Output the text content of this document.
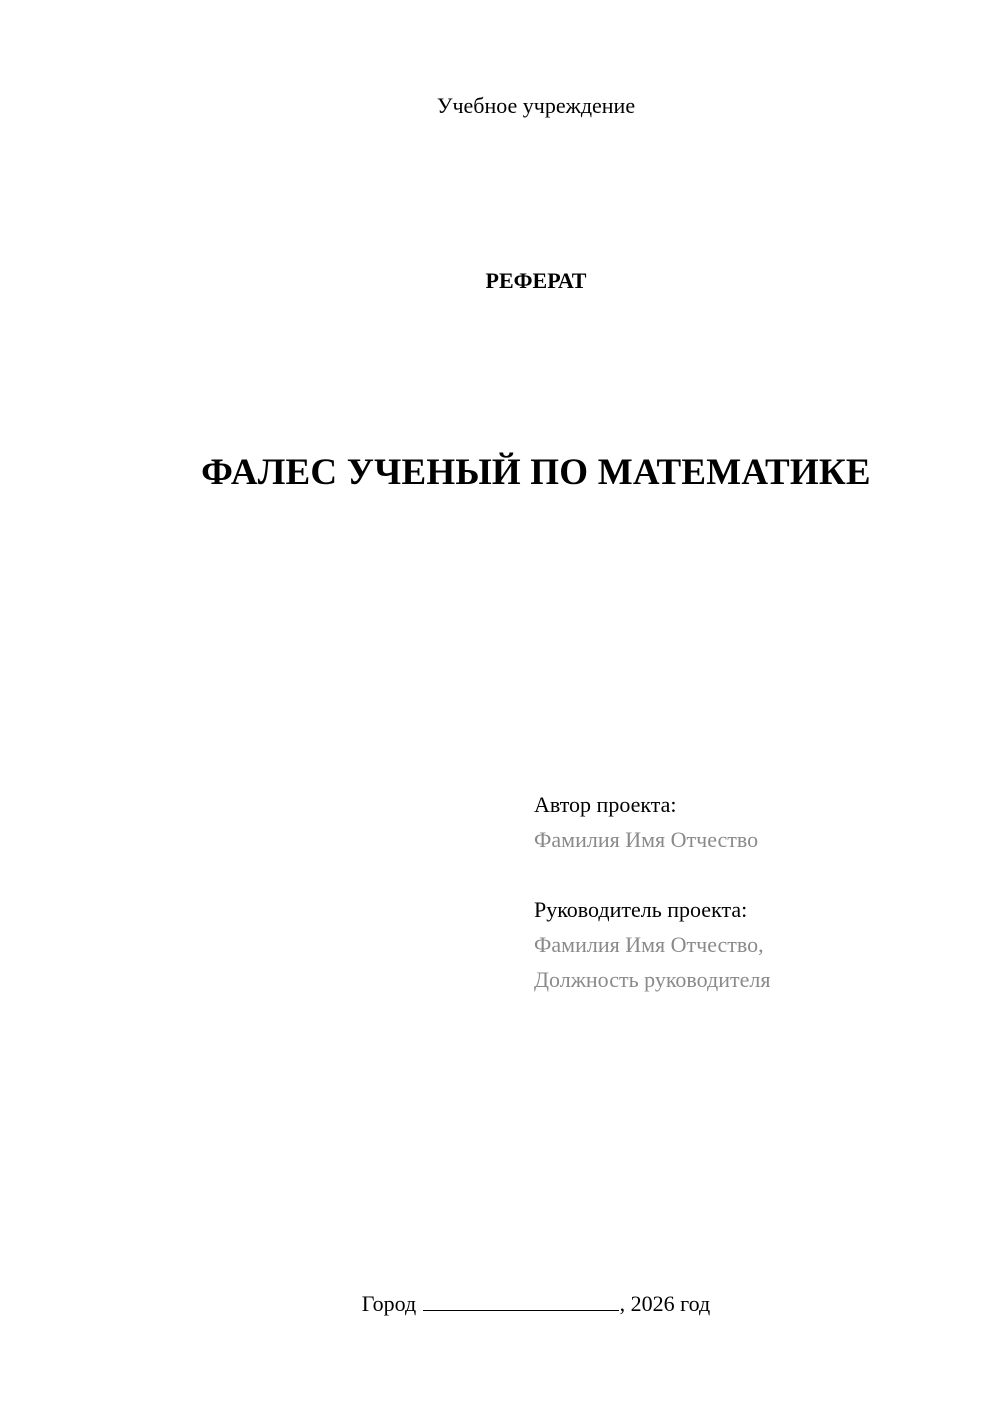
Учебное учреждение
РЕФЕРАТ
ФАЛЕС УЧЕНЫЙ ПО МАТЕМАТИКЕ
Автор проекта:
Фамилия Имя Отчество
Руководитель проекта:
Фамилия Имя Отчество,
Должность руководителя
Город	, 2026 год
